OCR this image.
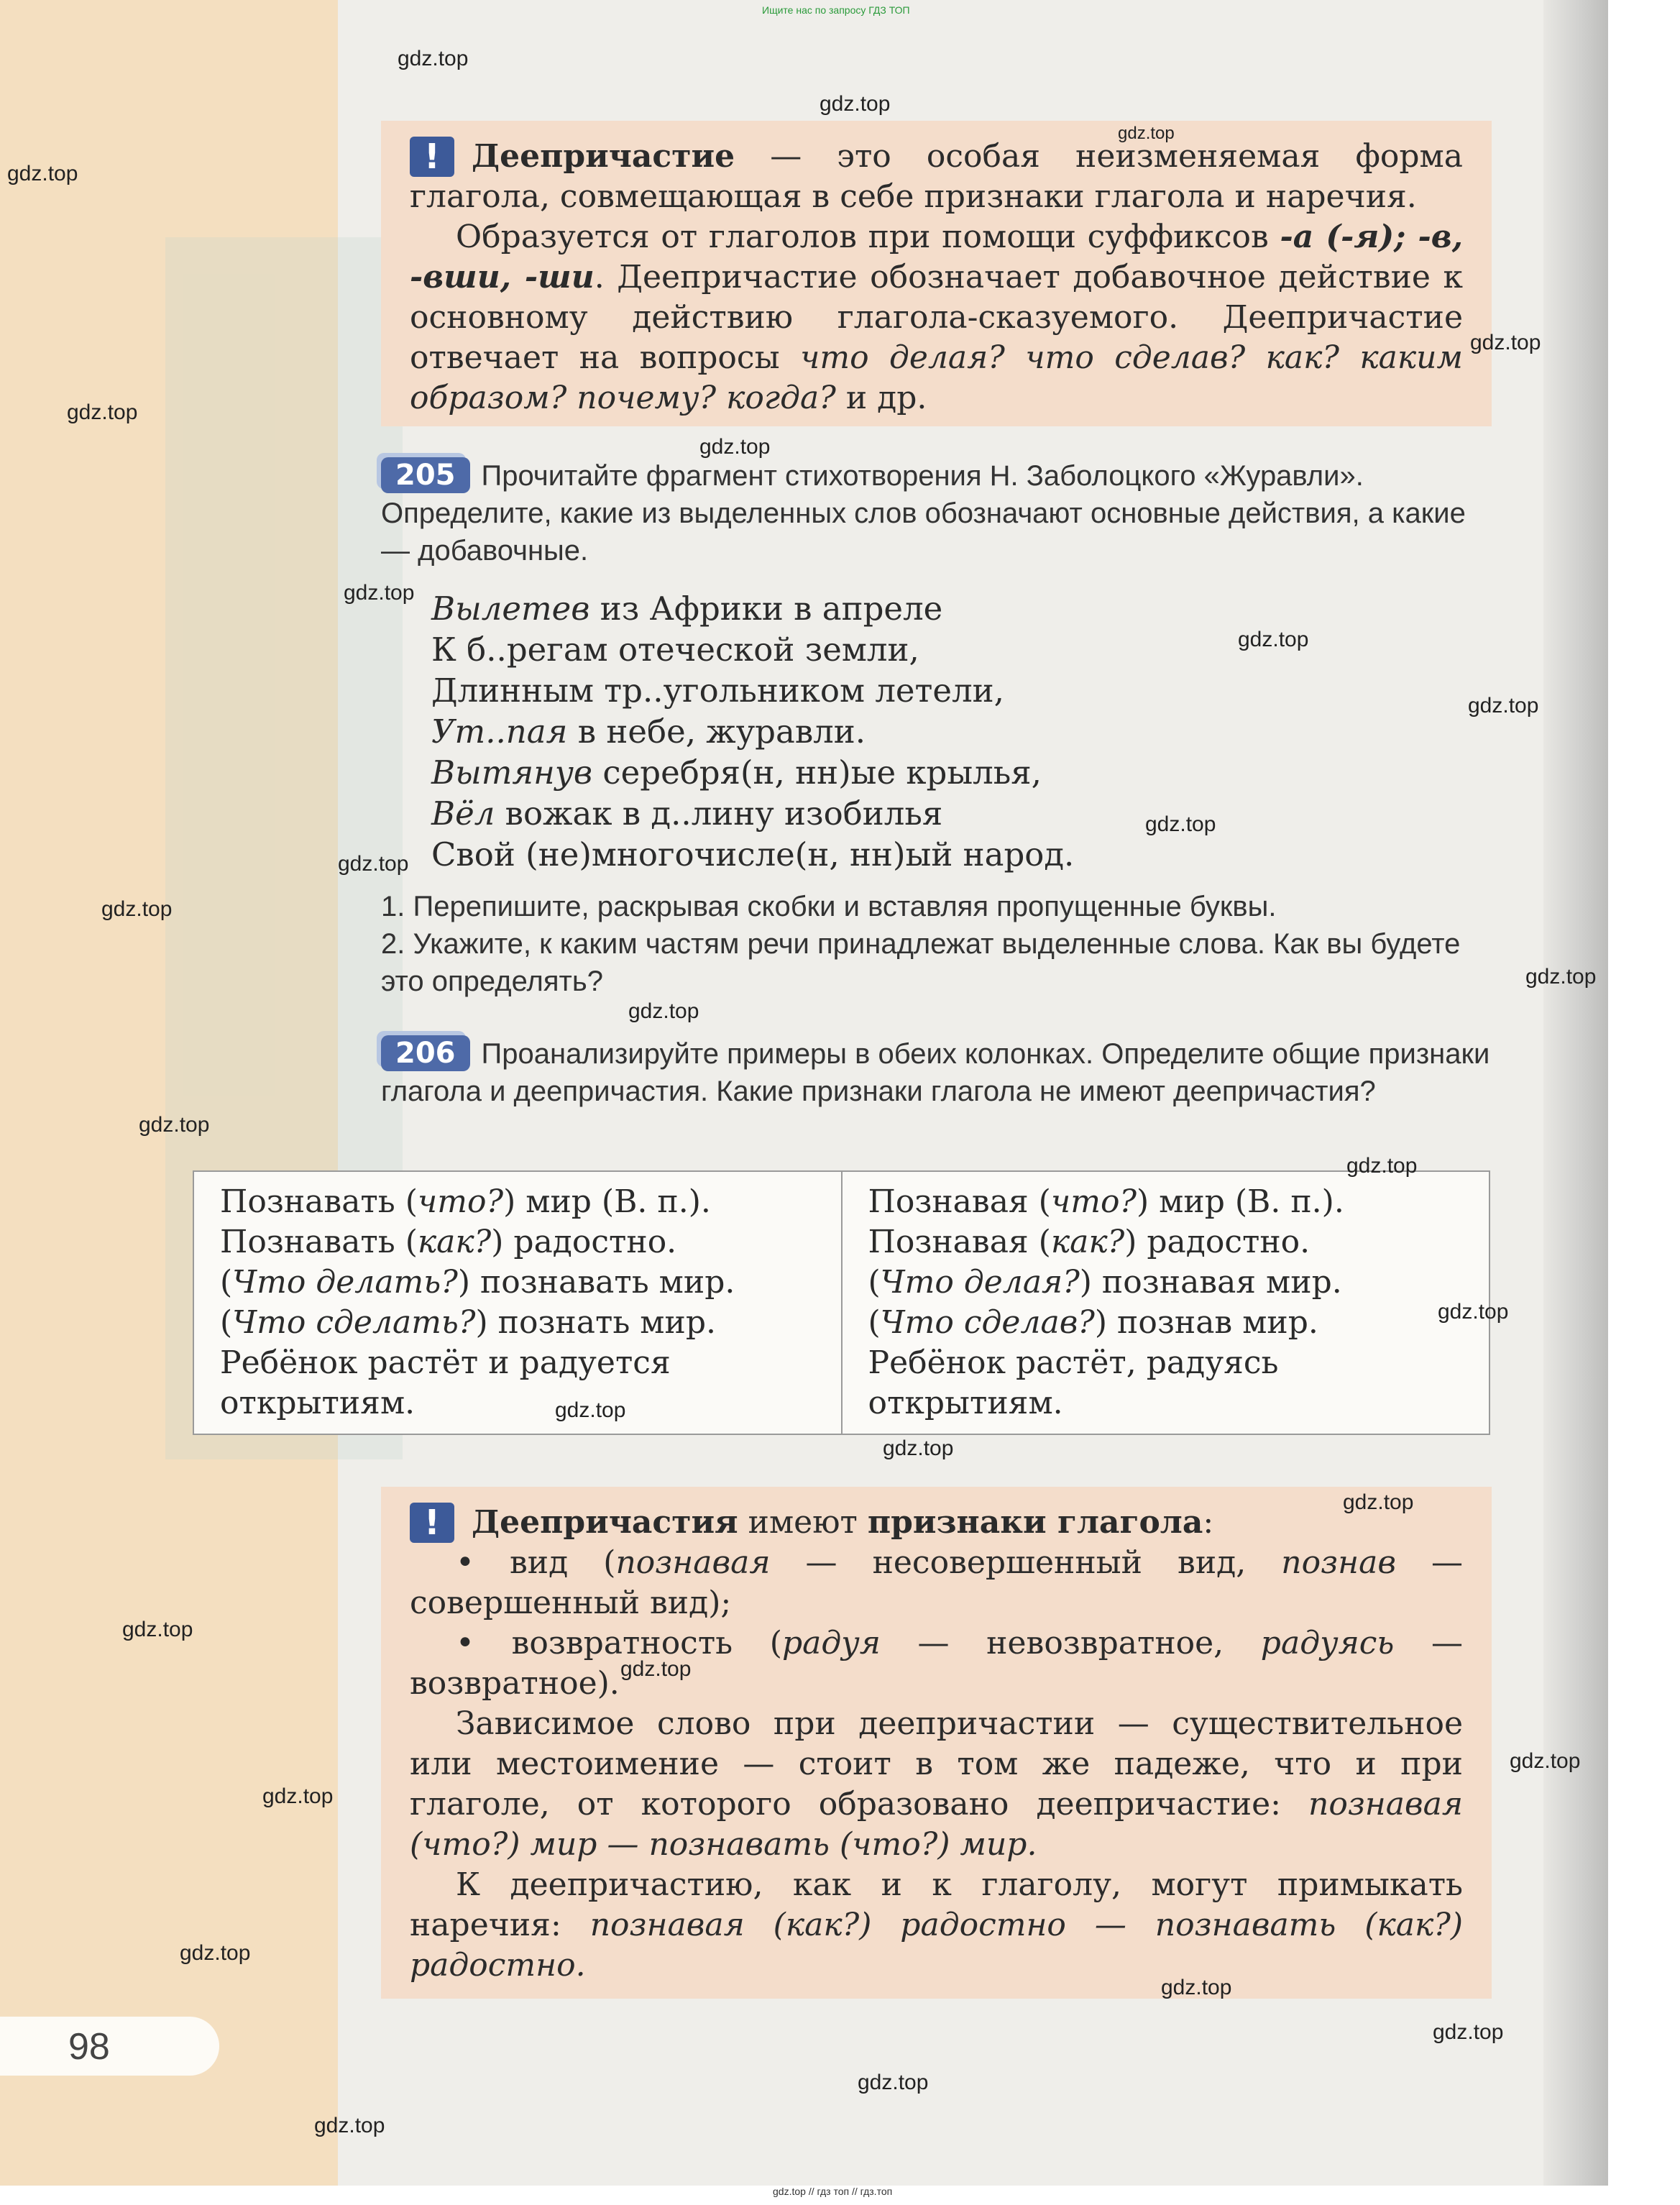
Ищите нас по запросу ГДЗ ТОП

! Деепричастие — это особая неизменяемая форма глагола, совмещающая в себе признаки глагола и наречия.

Образуется от глаголов при помощи суффиксов -а (-я); -в, -вши, -ши. Деепричастие обозначает добавочное действие к основному действию глагола-сказуемого. Деепричастие отвечает на вопросы что делая? что сделав? как? каким образом? почему? когда? и др.

205 Прочитайте фрагмент стихотворения Н. Заболоцкого «Журавли». Определите, какие из выделенных слов обозначают основные действия, а какие — добавочные.
Вылетев из Африки в апреле
К б..регам отеческой земли,
Длинным тр..угольником летели,
Ут..пая в небе, журавли.
Вытянув серебря(н, нн)ые крылья,
Вёл вожак в д..лину изобилья
Свой (не)многочисле(н, нн)ый народ.
1. Перепишите, раскрывая скобки и вставляя пропущенные буквы.
2. Укажите, к каким частям речи принадлежат выделенные слова. Как вы будете это определять?
206 Проанализируйте примеры в обеих колонках. Определите общие признаки глагола и деепричастия. Какие признаки глагола не имеют деепричастия?
Познавать (что?) мир (В. п.).
Познавать (как?) радостно.
(Что делать?) познавать мир.
(Что сделать?) познать мир.
Ребёнок растёт и радуется открытиям.

Познавая (что?) мир (В. п.).
Познавая (как?) радостно.
(Что делая?) познавая мир.
(Что сделав?) познав мир.
Ребёнок растёт, радуясь открытиям.

! Деепричастия имеют признаки глагола:

• вид (познавая — несовершенный вид, познав — совершенный вид);

• возвратность (радуя — невозвратное, радуясь — возвратное).

Зависимое слово при деепричастии — существительное или местоимение — стоит в том же падеже, что и при глаголе, от которого образовано деепричастие: познавая (что?) мир — познавать (что?) мир.

К деепричастию, как и к глаголу, могут примыкать наречия: познавая (как?) радостно — познавать (как?) радостно.

98
gdz.top
gdz.top
gdz.top
gdz.top
gdz.top
gdz.top
gdz.top
gdz.top
gdz.top
gdz.top
gdz.top
gdz.top
gdz.top
gdz.top
gdz.top
gdz.top
gdz.top
gdz.top
gdz.top
gdz.top
gdz.top
gdz.top
gdz.top
gdz.top
gdz.top
gdz.top
gdz.top
gdz.top
gdz.top
gdz.top
gdz.top // гдз топ // гдз.топ
